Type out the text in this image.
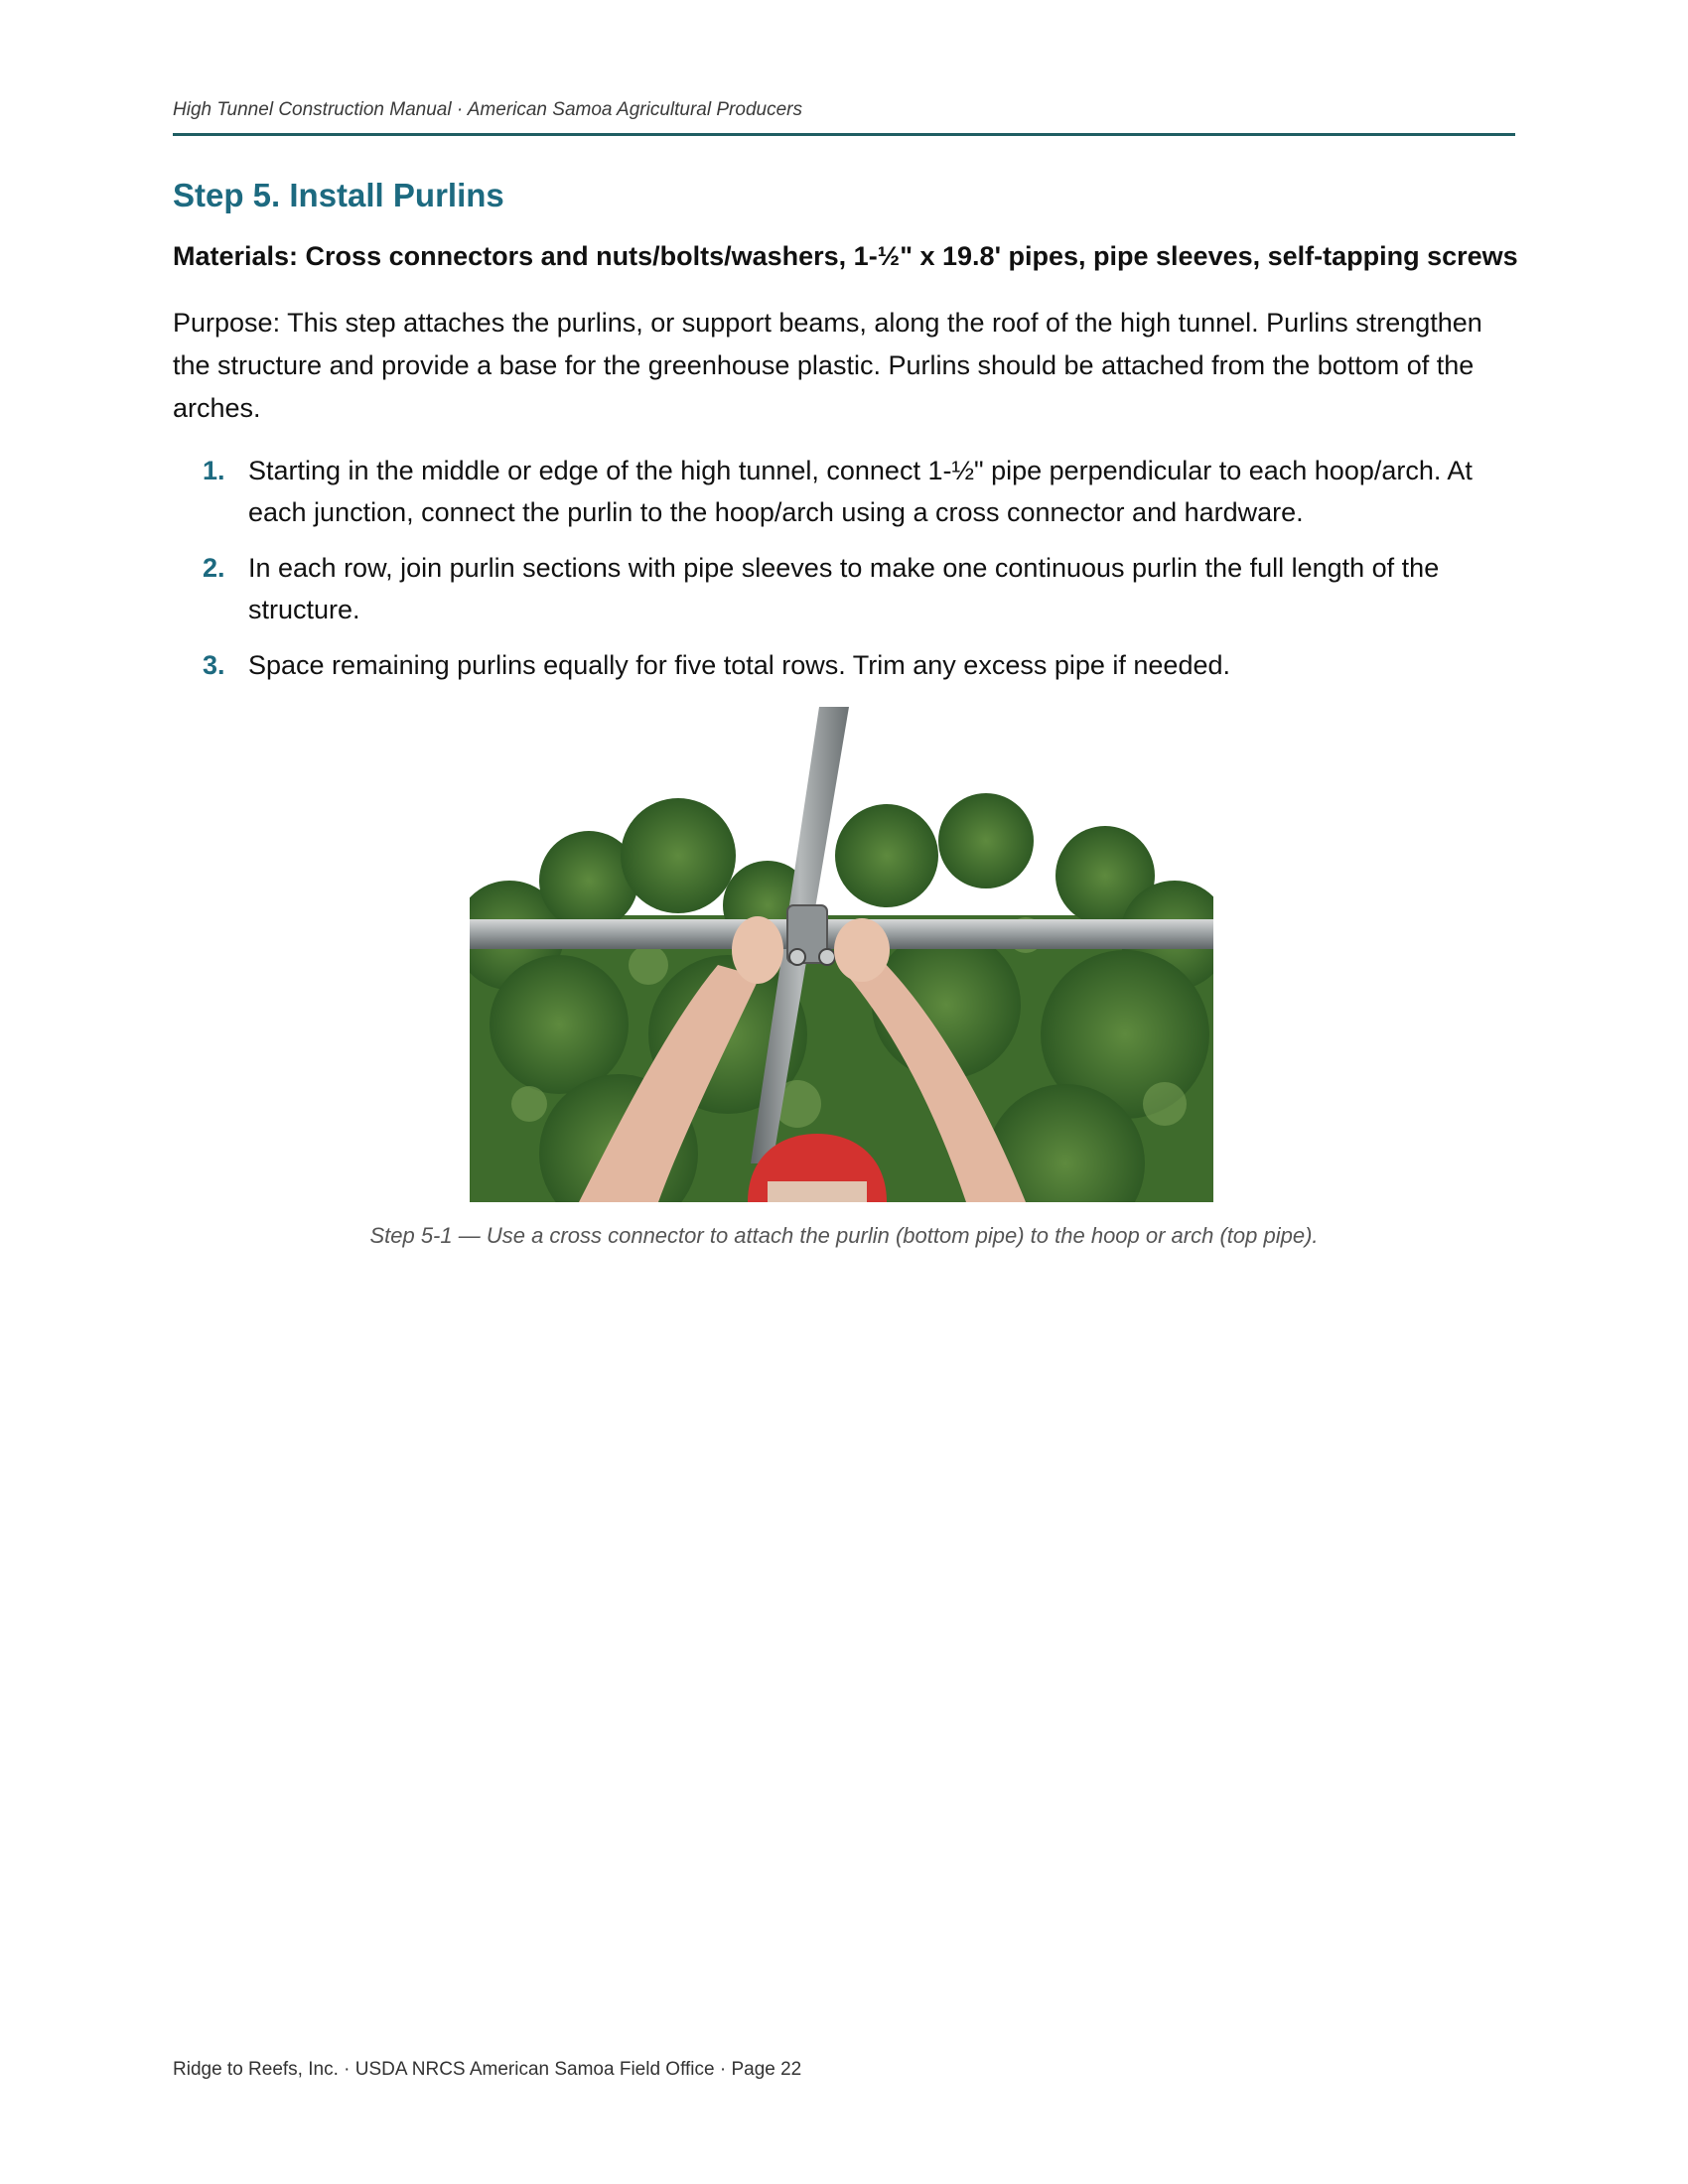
High Tunnel Construction Manual · American Samoa Agricultural Producers
Step 5. Install Purlins
Materials: Cross connectors and nuts/bolts/washers, 1-½" x 19.8' pipes, pipe sleeves, self-tapping screws

Purpose: This step attaches the purlins, or support beams, along the roof of the high tunnel. Purlins strengthen the structure and provide a base for the greenhouse plastic. Purlins should be attached from the bottom of the arches.

1. Starting in the middle or edge of the high tunnel, connect 1-½" pipe perpendicular to each hoop/arch. At each junction, connect the purlin to the hoop/arch using a cross connector and hardware.
2. In each row, join purlin sections with pipe sleeves to make one continuous purlin the full length of the structure.
3. Space remaining purlins equally for five total rows. Trim any excess pipe if needed.
Step 5-1 — Use a cross connector to attach the purlin (bottom pipe) to the hoop or arch (top pipe).
Ridge to Reefs, Inc. · USDA NRCS American Samoa Field Office · Page 22
